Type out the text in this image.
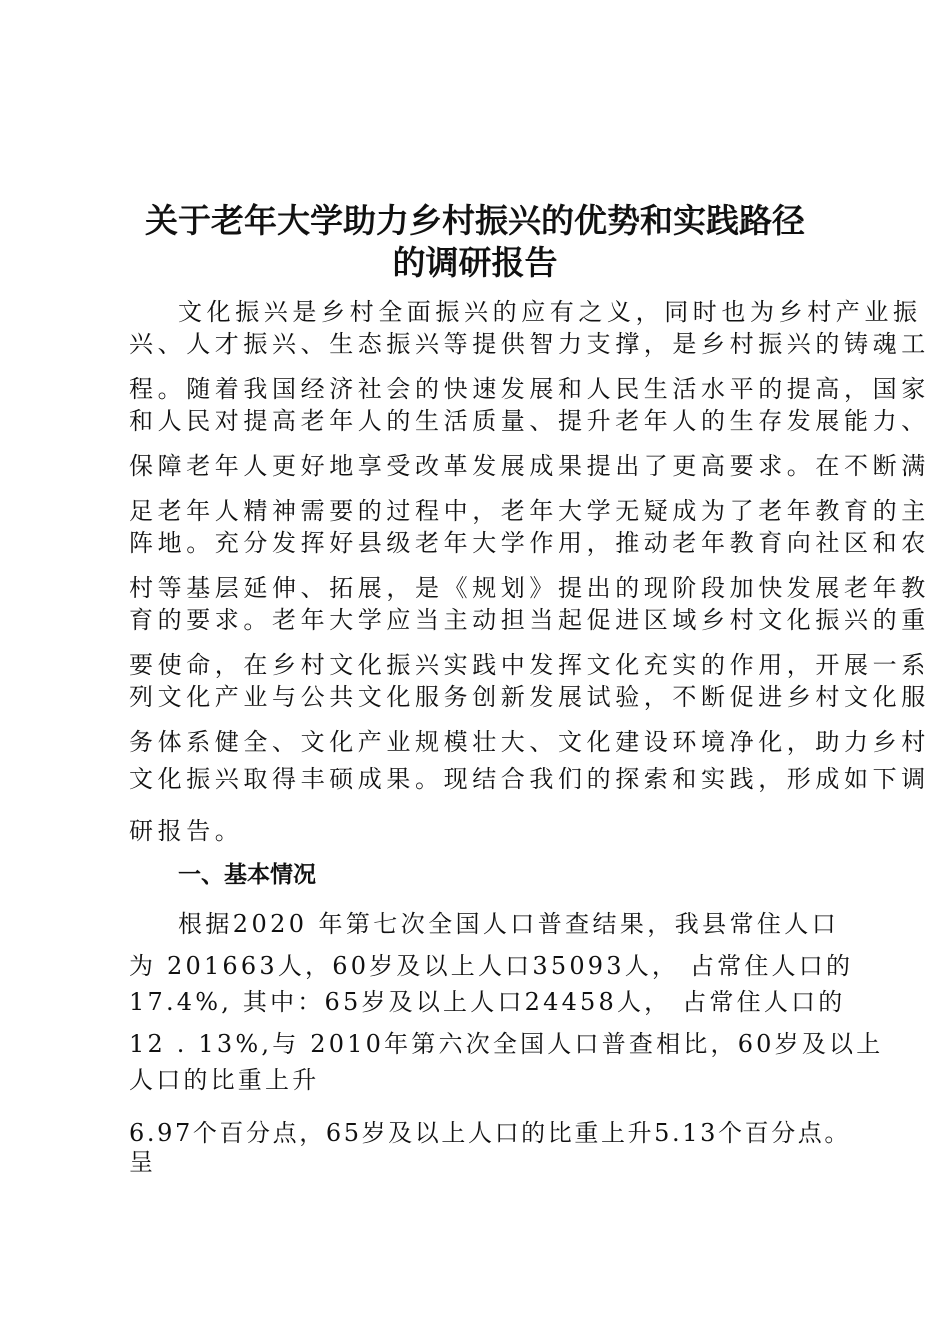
关于老年大学助力乡村振兴的优势和实践路径
的调研报告
文化振兴是乡村全面振兴的应有之义，同时也为乡村产业振
兴、人才振兴、生态振兴等提供智力支撑，是乡村振兴的铸魂工
程。随着我国经济社会的快速发展和人民生活水平的提高，国家
和人民对提高老年人的生活质量、提升老年人的生存发展能力、
保障老年人更好地享受改革发展成果提出了更高要求。在不断满
足老年人精神需要的过程中，老年大学无疑成为了老年教育的主
阵地。充分发挥好县级老年大学作用，推动老年教育向社区和农
村等基层延伸、拓展，是《规划》提出的现阶段加快发展老年教
育的要求。老年大学应当主动担当起促进区域乡村文化振兴的重
要使命，在乡村文化振兴实践中发挥文化充实的作用，开展一系
列文化产业与公共文化服务创新发展试验，不断促进乡村文化服
务体系健全、文化产业规模壮大、文化建设环境净化，助力乡村
文化振兴取得丰硕成果。现结合我们的探索和实践，形成如下调
研报告。
一、基本情况
根据2020 年第七次全国人口普查结果，我县常住人口
为 201663人，60岁及以上人口35093人， 占常住人口的
17.4%, 其中：65岁及以上人口24458人， 占常住人口的
12 . 13%,与 2010年第六次全国人口普查相比，60岁及以上
人口的比重上升
6.97个百分点，65岁及以上人口的比重上升5.13个百分点。
呈
